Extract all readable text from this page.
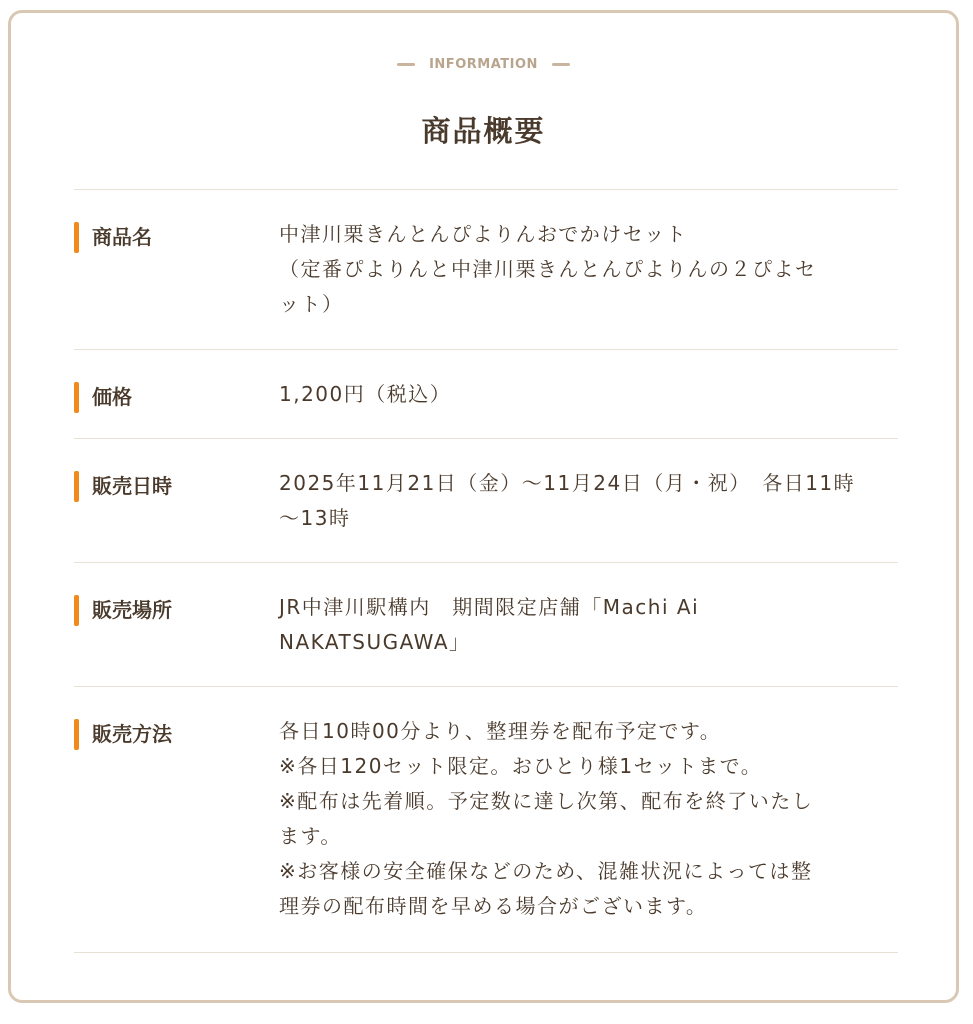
INFORMATION
商品概要
商品名	中津川栗きんとんぴよりんおでかけセット
（定番ぴよりんと中津川栗きんとんぴよりんの２ぴよセ
ット）
価格	1,200円（税込）
販売日時	2025年11月21日（金）〜11月24日（月・祝）　各日11時
〜13時
販売場所	JR中津川駅構内　期間限定店舗「Machi Ai
NAKATSUGAWA」
販売方法	各日10時00分より、整理券を配布予定です。
※各日120セット限定。おひとり様1セットまで。
※配布は先着順。予定数に達し次第、配布を終了いたし
ます。
※お客様の安全確保などのため、混雑状況によっては整
理券の配布時間を早める場合がございます。
